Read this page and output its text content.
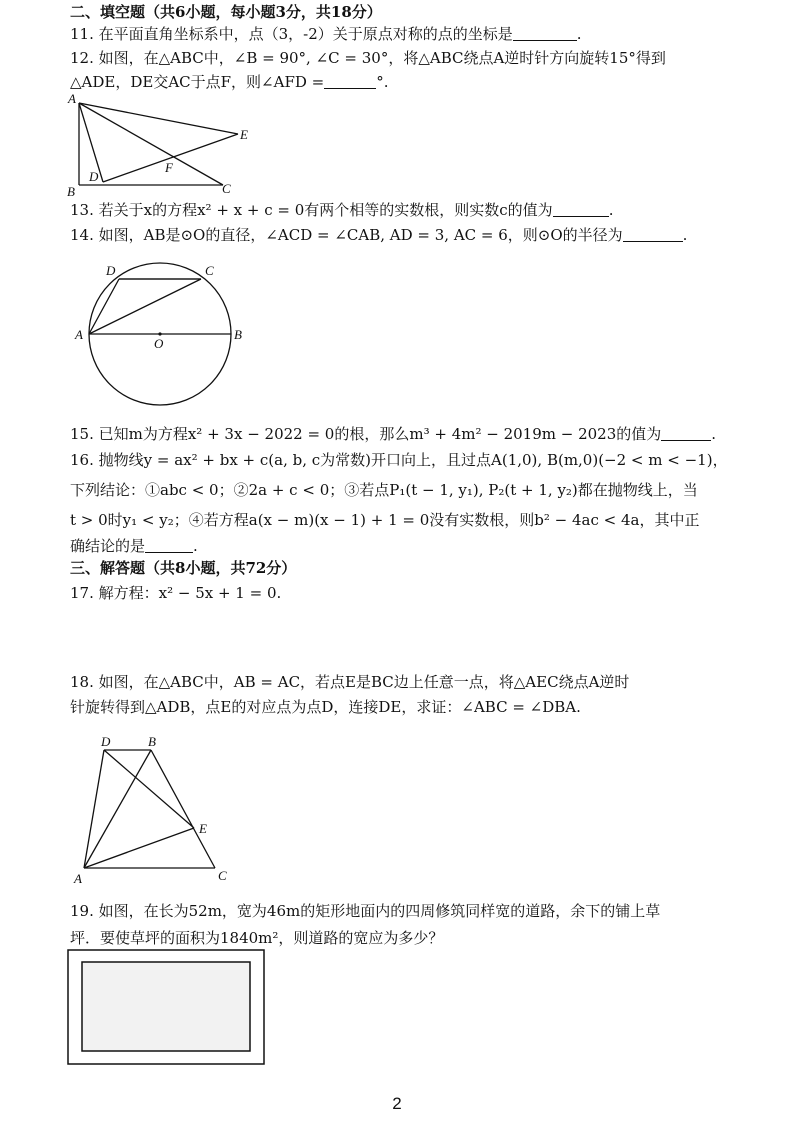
二、填空题（共6小题，每小题3分，共18分）
11. 在平面直角坐标系中，点（3，-2）关于原点对称的点的坐标是	.
12. 如图，在△ABC中，∠B = 90°, ∠C = 30°，将△ABC绕点A逆时针方向旋转15°得到
△ADE，DE交AC于点F，则∠AFD =	°.
A
B	C
D
E
F
13. 若关于x的方程x² + x + c = 0有两个相等的实数根，则实数c的值为	.
14. 如图，AB是⊙O的直径，∠ACD = ∠CAB, AD = 3, AC = 6，则⊙O的半径为	.
A	B
C
D
O
15. 已知m为方程x² + 3x − 2022 = 0的根，那么m³ + 4m² − 2019m − 2023的值为	.
16. 抛物线y = ax² + bx + c(a, b, c为常数)开口向上，且过点A(1,0), B(m,0)(−2 < m < −1)，
下列结论：①abc < 0；②2a + c < 0；③若点P₁(t − 1, y₁), P₂(t + 1, y₂)都在抛物线上，当
t > 0时y₁ < y₂；④若方程a(x − m)(x − 1) + 1 = 0没有实数根，则b² − 4ac < 4a，其中正
确结论的是	.
三、解答题（共8小题，共72分）
17. 解方程：x² − 5x + 1 = 0.
18. 如图，在△ABC中，AB = AC，若点E是BC边上任意一点，将△AEC绕点A逆时
针旋转得到△ADB，点E的对应点为点D，连接DE，求证：∠ABC = ∠DBA.
A
B
C
D
E
19. 如图，在长为52m，宽为46m的矩形地面内的四周修筑同样宽的道路，余下的铺上草
坪．要使草坪的面积为1840m²，则道路的宽应为多少？
2
